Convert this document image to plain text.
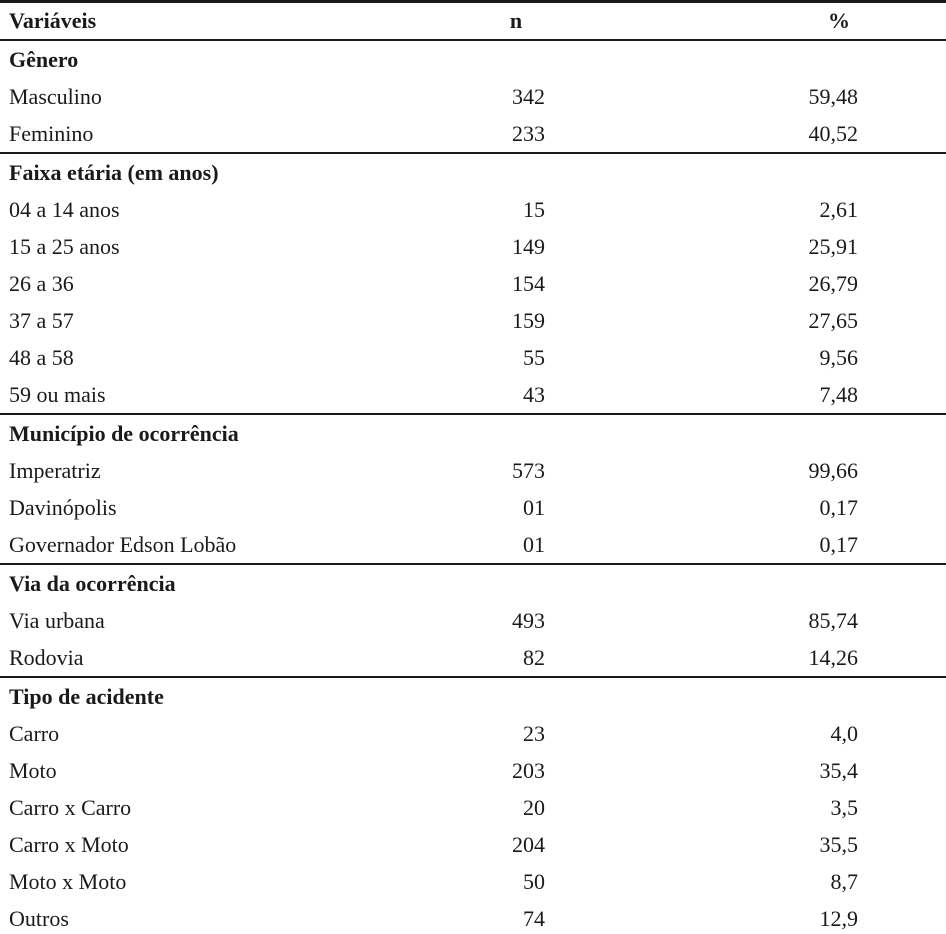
Variáveis	n	%
Gênero		
Masculino	342	59,48
Feminino	233	40,52
Faixa etária (em anos)		
04 a 14 anos	15	2,61
15 a 25 anos	149	25,91
26 a 36	154	26,79
37 a 57	159	27,65
48 a 58	55	9,56
59 ou mais	43	7,48
Município de ocorrência		
Imperatriz	573	99,66
Davinópolis	01	0,17
Governador Edson Lobão	01	0,17
Via da ocorrência		
Via urbana	493	85,74
Rodovia	82	14,26
Tipo de acidente		
Carro	23	4,0
Moto	203	35,4
Carro x Carro	20	3,5
Carro x Moto	204	35,5
Moto x Moto	50	8,7
Outros	74	12,9
